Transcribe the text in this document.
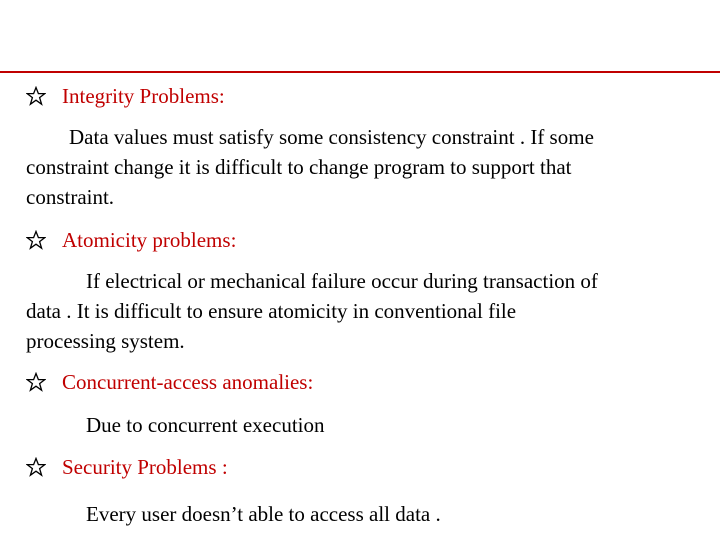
Integrity Problems:
Data values must satisfy some consistency constraint . If some
constraint change it is difficult to change program to support that
constraint.
Atomicity problems:
If electrical or mechanical failure occur during transaction of
data . It is difficult to ensure atomicity in conventional file
processing system.
Concurrent-access anomalies:
Due to concurrent execution
Security Problems :
Every user doesn’t able to access all data .
